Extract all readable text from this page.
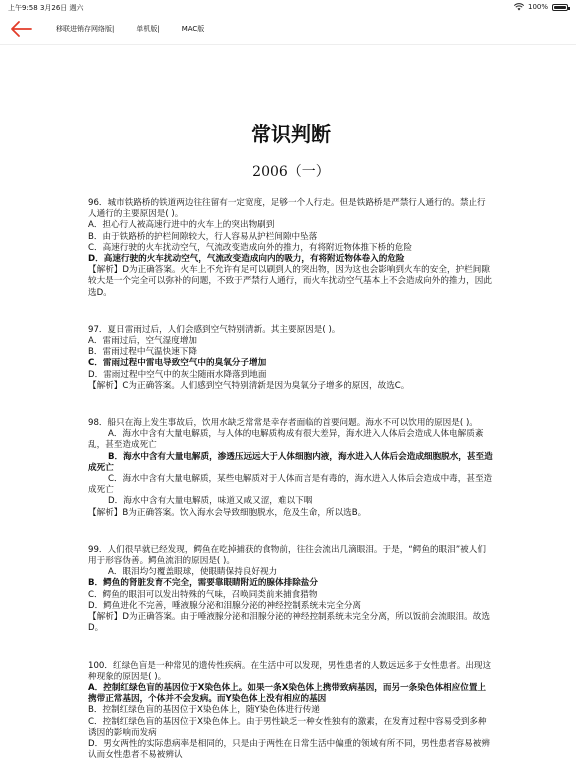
上午9:58 3月26日 週六	100%
移联进销存网络版|	单机版|	MAC版
常识判断
2006（一）
96．城市铁路桥的铁道两边往往留有一定宽度，足够一个人行走。但是铁路桥是严禁行人通行的。禁止行人通行的主要原因是( )。
A．担心行人被高速行进中的火车上的突出物刷到
B．由于铁路桥的护栏间隙较大，行人容易从护栏间隙中坠落
C．高速行驶的火车扰动空气，气流改变造成向外的推力，有将附近物体推下桥的危险
D．高速行驶的火车扰动空气，气流改变造成向内的吸力，有将附近物体卷入的危险
【解析】D为正确答案。火车上不允许有足可以刷到人的突出物，因为这也会影响到火车的安全，护栏间隙较大是一个完全可以弥补的问题，不致于严禁行人通行，而火车扰动空气基本上不会造成向外的推力，因此选D。
97．夏日雷雨过后，人们会感到空气特别清新。其主要原因是( )。
A．雷雨过后，空气湿度增加
B．雷雨过程中气温快速下降
C．雷雨过程中雷电导致空气中的臭氧分子增加
D．雷雨过程中空气中的灰尘随雨水降落到地面
【解析】C为正确答案。人们感到空气特别清新是因为臭氧分子增多的原因，故选C。
98．船只在海上发生事故后，饮用水缺乏常常是幸存者面临的首要问题。海水不可以饮用的原因是( )。
A．海水中含有大量电解质，与人体的电解质构成有很大差异，海水进入人体后会造成人体电解质紊乱，甚至造成死亡
B．海水中含有大量电解质，渗透压远远大于人体细胞内液，海水进入人体后会造成细胞脱水，甚至造成死亡
C．海水中含有大量电解质，某些电解质对于人体而言是有毒的，海水进入人体后会造成中毒，甚至造成死亡
D．海水中含有大量电解质，味道又咸又涩，难以下咽
【解析】B为正确答案。饮入海水会导致细胞脱水，危及生命，所以选B。
99．人们很早就已经发现，鳄鱼在吃掉捕获的食物前，往往会流出几滴眼泪。于是，“鳄鱼的眼泪”被人们用于形容伪善。鳄鱼流泪的原因是( )。
A．眼泪均匀覆盖眼球，使眼睛保持良好视力
B．鳄鱼的肾脏发育不完全，需要靠眼睛附近的腺体排除盐分
C．鳄鱼的眼泪可以发出特殊的气味，召唤同类前来捕食猎物
D．鳄鱼进化不完善，唾液腺分泌和泪腺分泌的神经控制系统未完全分离
【解析】D为正确答案。由于唾液腺分泌和泪腺分泌的神经控制系统未完全分离，所以饭前会流眼泪。故选D。
100．红绿色盲是一种常见的遗传性疾病。在生活中可以发现，男性患者的人数远远多于女性患者。出现这种现象的原因是( )。
A．控制红绿色盲的基因位于X染色体上。如果一条X染色体上携带致病基因，而另一条染色体相应位置上携带正常基因，个体并不会发病。而Y染色体上没有相应的基因
B．控制红绿色盲的基因位于X染色体上，随Y染色体进行传递
C．控制红绿色盲的基因位于X染色体上。由于男性缺乏一种女性独有的激素，在发育过程中容易受到多种诱因的影响而发病
D．男女两性的实际患病率是相同的，只是由于两性在日常生活中偏重的领域有所不同，男性患者容易被辨认而女性患者不易被辨认
